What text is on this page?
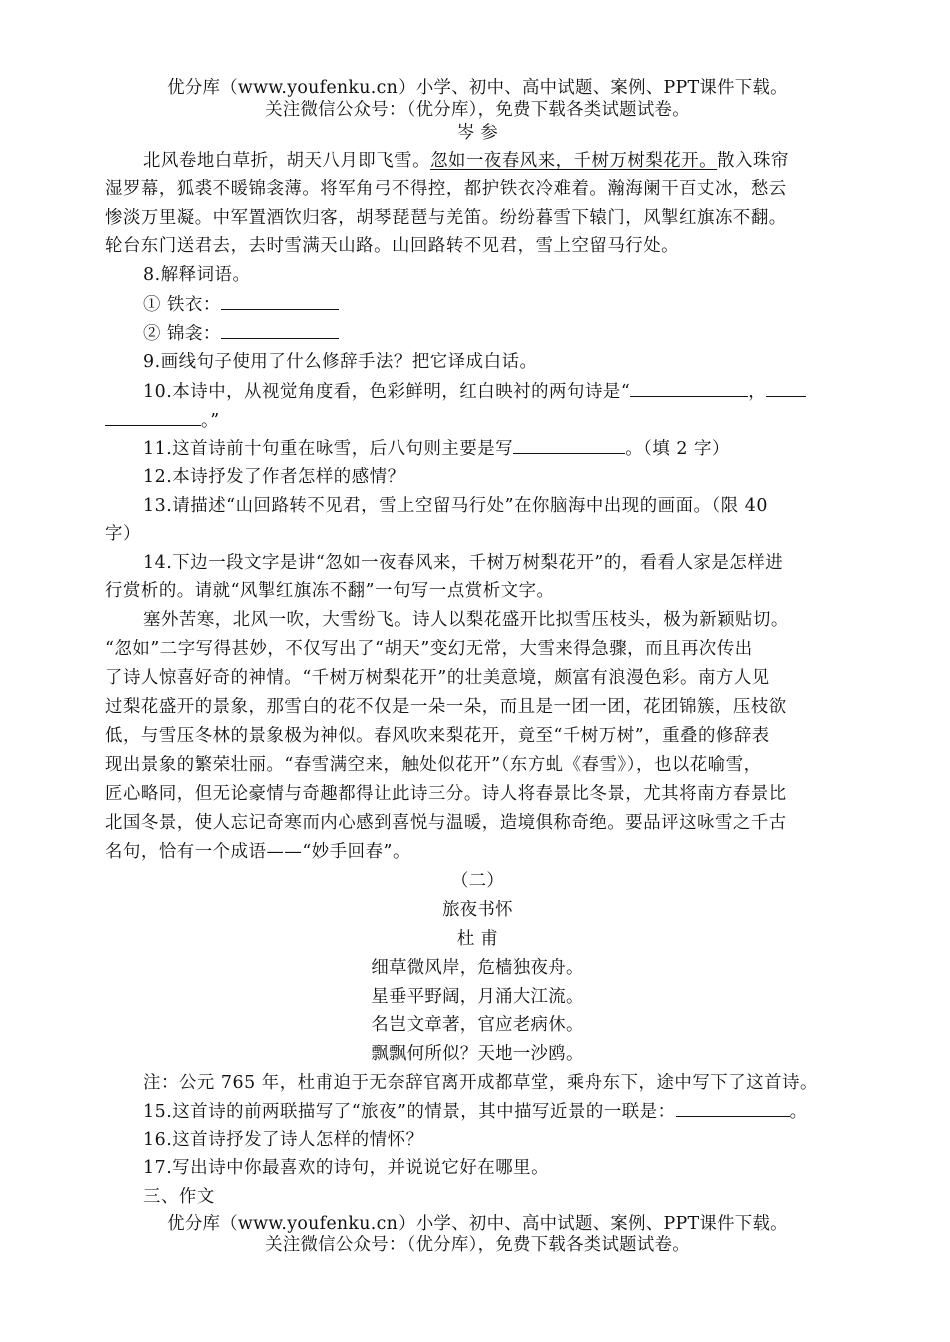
优分库（www.youfenku.cn）小学、初中、高中试题、案例、PPT课件下载。
关注微信公众号：（优分库），免费下载各类试题试卷。
岑 参
北风卷地白草折，胡天八月即飞雪。忽如一夜春风来，千树万树梨花开。散入珠帘
湿罗幕，狐裘不暖锦衾薄。将军角弓不得控，都护铁衣冷难着。瀚海阑干百丈冰，愁云
惨淡万里凝。中军置酒饮归客，胡琴琵琶与羌笛。纷纷暮雪下辕门，风掣红旗冻不翻。
轮台东门送君去，去时雪满天山路。山回路转不见君，雪上空留马行处。
8.解释词语。
① 铁衣：
② 锦衾：
9.画线句子使用了什么修辞手法？把它译成白话。
10.本诗中，从视觉角度看，色彩鲜明，红白映衬的两句诗是“	，
。”
11.这首诗前十句重在咏雪，后八句则主要是写	。（填 2 字）
12.本诗抒发了作者怎样的感情？
13.请描述“山回路转不见君，雪上空留马行处”在你脑海中出现的画面。（限 40
字）
14.下边一段文字是讲“忽如一夜春风来，千树万树梨花开”的，看看人家是怎样进
行赏析的。请就“风掣红旗冻不翻”一句写一点赏析文字。
塞外苦寒，北风一吹，大雪纷飞。诗人以梨花盛开比拟雪压枝头，极为新颖贴切。
“忽如”二字写得甚妙，不仅写出了“胡天”变幻无常，大雪来得急骤，而且再次传出
了诗人惊喜好奇的神情。“千树万树梨花开”的壮美意境，颇富有浪漫色彩。南方人见
过梨花盛开的景象，那雪白的花不仅是一朵一朵，而且是一团一团，花团锦簇，压枝欲
低，与雪压冬林的景象极为神似。春风吹来梨花开，竟至“千树万树”，重叠的修辞表
现出景象的繁荣壮丽。“春雪满空来，触处似花开”（东方虬《春雪》），也以花喻雪，
匠心略同，但无论豪情与奇趣都得让此诗三分。诗人将春景比冬景，尤其将南方春景比
北国冬景，使人忘记奇寒而内心感到喜悦与温暖，造境俱称奇绝。要品评这咏雪之千古
名句，恰有一个成语——“妙手回春”。
（二）
旅夜书怀
杜 甫
细草微风岸，危樯独夜舟。
星垂平野阔，月涌大江流。
名岂文章著，官应老病休。
飘飘何所似？天地一沙鸥。
注：公元 765 年，杜甫迫于无奈辞官离开成都草堂，乘舟东下，途中写下了这首诗。
15.这首诗的前两联描写了“旅夜”的情景，其中描写近景的一联是：	。
16.这首诗抒发了诗人怎样的情怀？
17.写出诗中你最喜欢的诗句，并说说它好在哪里。
三、作文
优分库（www.youfenku.cn）小学、初中、高中试题、案例、PPT课件下载。
关注微信公众号：（优分库），免费下载各类试题试卷。
